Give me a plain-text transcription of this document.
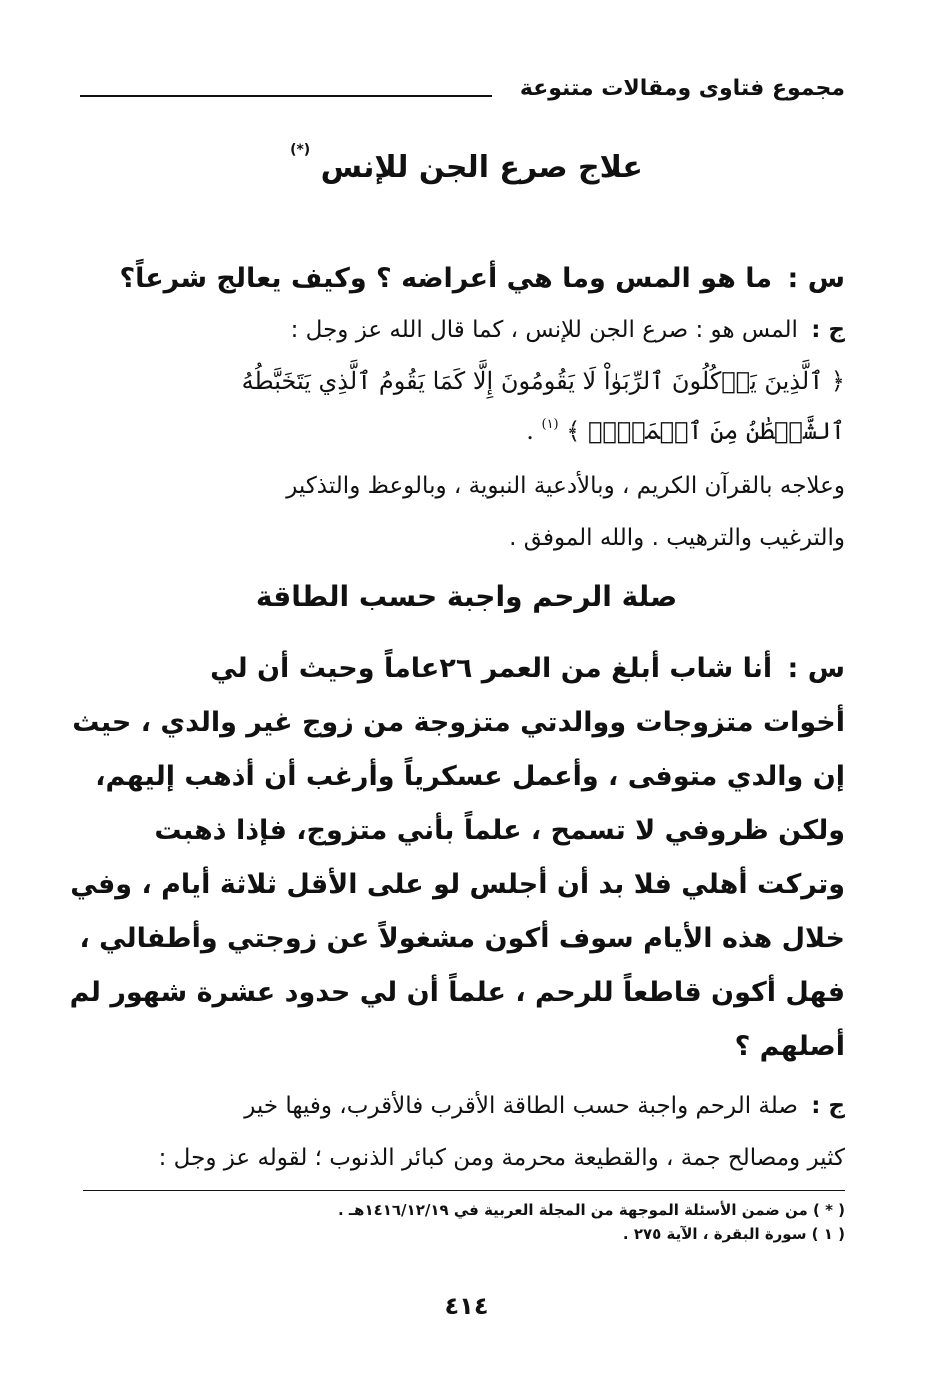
مجموع فتاوى ومقالات متنوعة
علاج صرع الجن للإنس (*)
س : ما هو المس وما هي أعراضه ؟ وكيف يعالج شرعاً؟
ج : المس هو : صرع الجن للإنس ، كما قال الله عز وجل :
﴿ ٱلَّذِينَ يَأۡكُلُونَ ٱلرِّبَوٰاْ لَا يَقُومُونَ إِلَّا كَمَا يَقُومُ ٱلَّذِي يَتَخَبَّطُهُ
ٱلشَّيۡطَٰنُ مِنَ ٱلۡمَسِّۚ ﴾ $^{(١)}$ .
وعلاجه بالقرآن الكريم ، وبالأدعية النبوية ، وبالوعظ والتذكير
والترغيب والترهيب . والله الموفق .
صلة الرحم واجبة حسب الطاقة
س : أنا شاب أبلغ من العمر ٢٦عاماً وحيث أن لي
أخوات متزوجات ووالدتي متزوجة من زوج غير والدي ، حيث
إن والدي متوفى ، وأعمل عسكرياً وأرغب أن أذهب إليهم،
ولكن ظروفي لا تسمح ، علماً بأني متزوج، فإذا ذهبت
وتركت أهلي فلا بد أن أجلس لو على الأقل ثلاثة أيام ، وفي
خلال هذه الأيام سوف أكون مشغولاً عن زوجتي وأطفالي ،
فهل أكون قاطعاً للرحم ، علماً أن لي حدود عشرة شهور لم
أصلهم ؟
ج : صلة الرحم واجبة حسب الطاقة الأقرب فالأقرب، وفيها خير
كثير ومصالح جمة ، والقطيعة محرمة ومن كبائر الذنوب ؛ لقوله عز وجل :
( * ) من ضمن الأسئلة الموجهة من المجلة العربية في ١٤١٦/١٢/١٩هـ .
( ١ ) سورة البقرة ، الآية ٢٧٥ .
٤١٤
